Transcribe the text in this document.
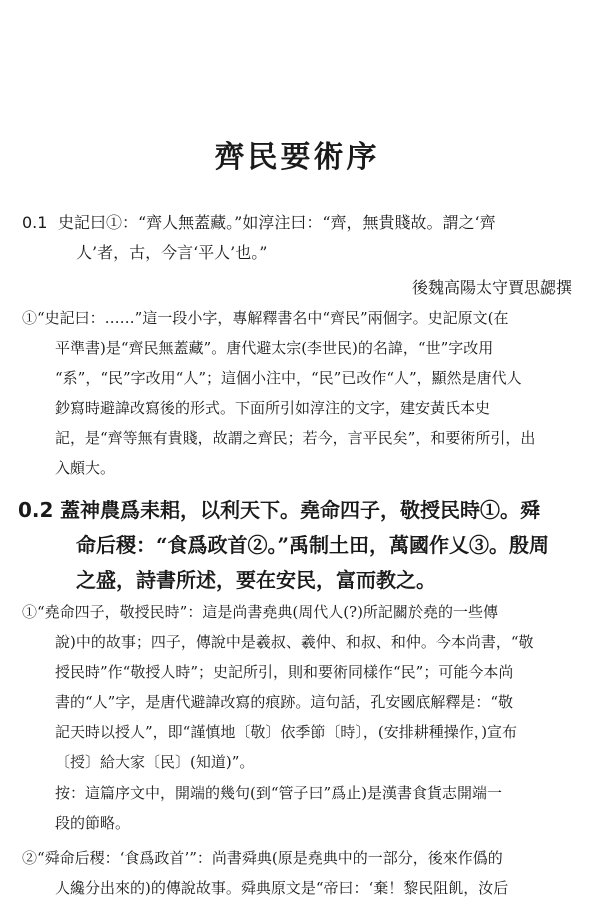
齊民要術序
0.1 史記曰①：“齊人無蓋藏。”如淳注曰：“齊，無貴賤故。謂之‘齊
人’者，古，今言‘平人’也。”
後魏高陽太守賈思勰撰
①“史記曰：……”這一段小字，專解釋書名中“齊民”兩個字。史記原文(在
平準書)是“齊民無蓋藏”。唐代避太宗(李世民)的名諱，“世”字改用
“系”，“民”字改用“人”；這個小注中，“民”已改作“人”，顯然是唐代人
鈔寫時避諱改寫後的形式。下面所引如淳注的文字，建安黃氏本史
記，是“齊等無有貴賤，故謂之齊民；若今，言平民矣”，和要術所引，出
入頗大。
0.2 蓋神農爲耒耜，以利天下。堯命四子，敬授民時①。舜
命后稷：“食爲政首②。”禹制土田，萬國作乂③。殷周
之盛，詩書所述，要在安民，富而教之。
①“堯命四子，敬授民時”：這是尚書堯典(周代人(?)所記關於堯的一些傳
說)中的故事；四子，傳說中是羲叔、羲仲、和叔、和仲。今本尚書，“敬
授民時”作“敬授人時”；史記所引，則和要術同樣作“民”；可能今本尚
書的“人”字，是唐代避諱改寫的痕跡。這句話，孔安國底解釋是：“敬
記天時以授人”，即“謹慎地〔敬〕依季節〔時〕，(安排耕種操作，)宣布
〔授〕給大家〔民〕(知道)”。
按：這篇序文中，開端的幾句(到“管子曰”爲止)是漢書食貨志開端一
段的節略。
②“舜命后稷：‘食爲政首’”：尚書舜典(原是堯典中的一部分，後來作僞的
人纔分出來的)的傳說故事。舜典原文是“帝曰：‘棄！黎民阻飢，汝后
